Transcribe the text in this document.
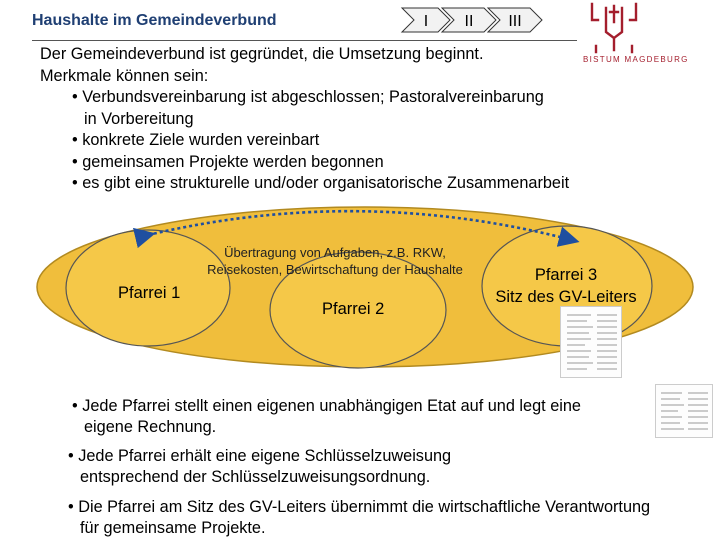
Haushalte im Gemeindeverbund	I II III
BISTUM MAGDEBURG
Der Gemeindeverbund ist gegründet, die Umsetzung beginnt.
Merkmale können sein:
• Verbundsvereinbarung ist abgeschlossen; Pastoralvereinbarung
in Vorbereitung
• konkrete Ziele wurden vereinbart
• gemeinsamen Projekte werden begonnen
• es gibt eine strukturelle und/oder organisatorische Zusammenarbeit
Übertragung von Aufgaben, z.B. RKW,
Reisekosten, Bewirtschaftung der Haushalte
Pfarrei 1
Pfarrei 2
Pfarrei 3
Sitz des GV-Leiters
• Jede Pfarrei stellt einen eigenen unabhängigen Etat auf und legt eine
eigene Rechnung.
• Jede Pfarrei erhält eine eigene Schlüsselzuweisung
entsprechend der Schlüsselzuweisungsordnung.
• Die Pfarrei am Sitz des GV-Leiters übernimmt die wirtschaftliche Verantwortung
für gemeinsame Projekte.
